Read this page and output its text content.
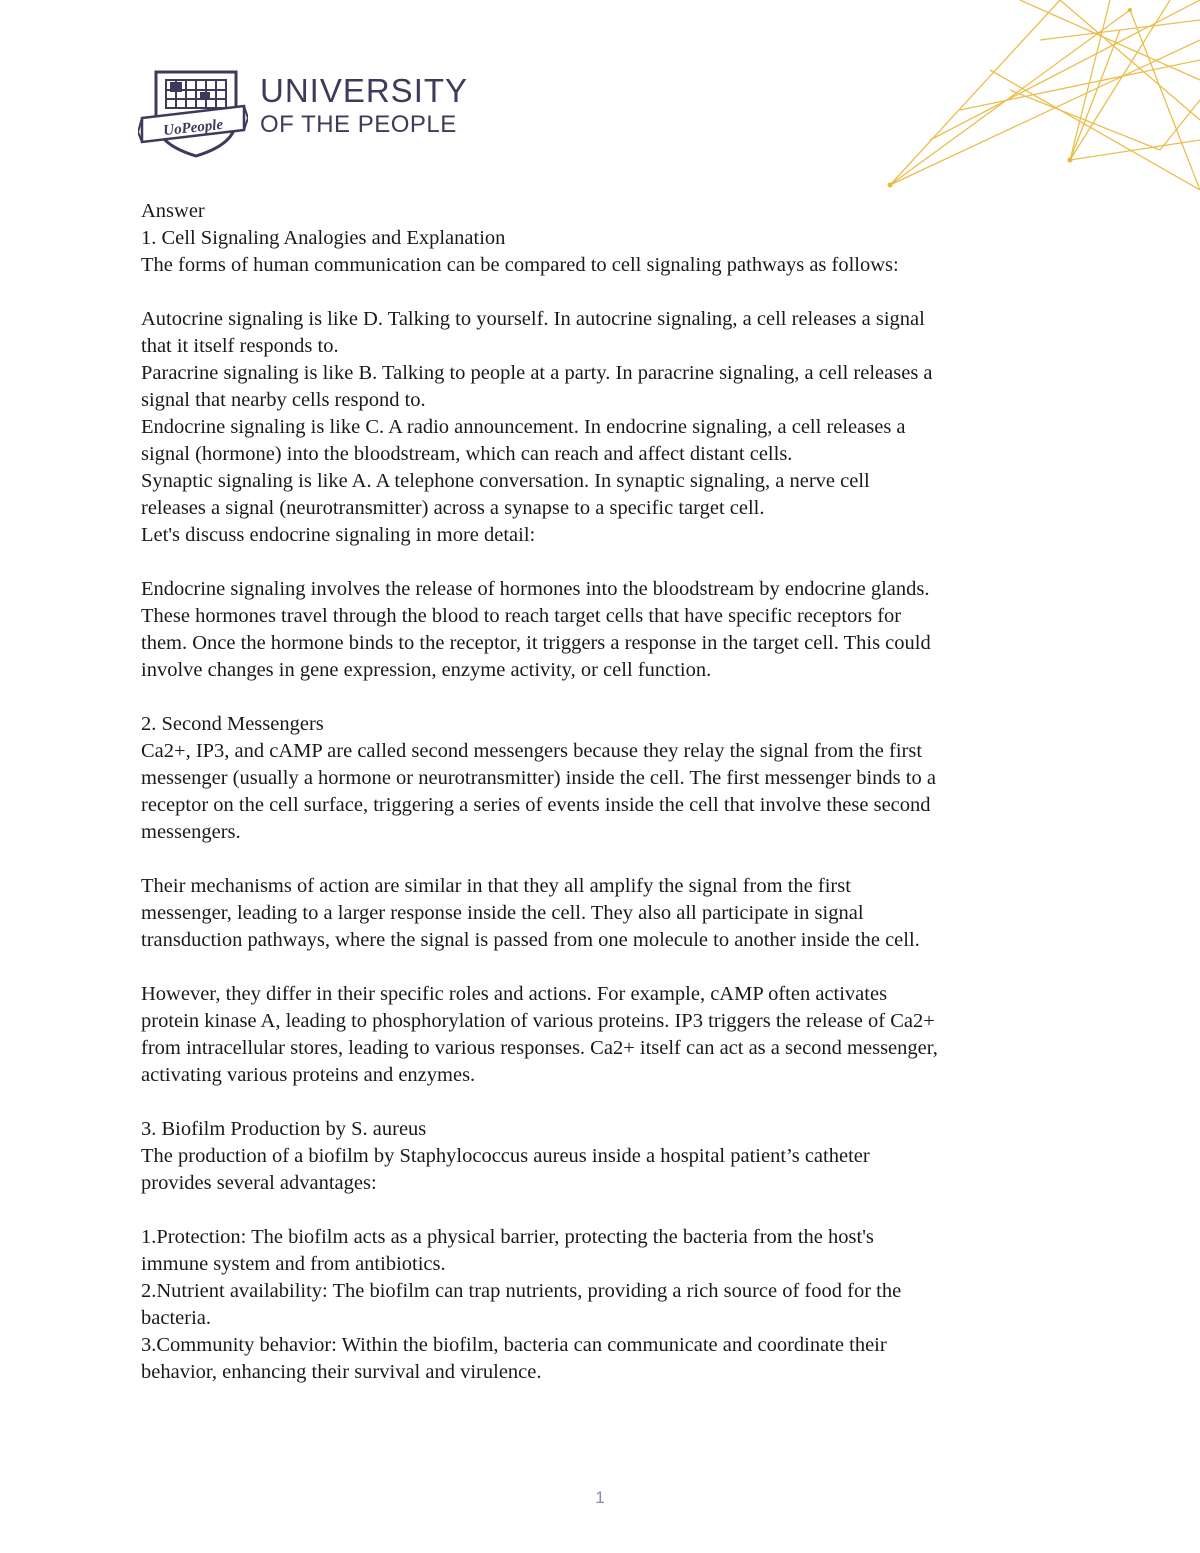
UoPeople
UNIVERSITY
OF THE PEOPLE

Answer

1. Cell Signaling Analogies and Explanation

The forms of human communication can be compared to cell signaling pathways as follows:

Autocrine signaling is like D. Talking to yourself. In autocrine signaling, a cell releases a signal

that it itself responds to.

Paracrine signaling is like B. Talking to people at a party. In paracrine signaling, a cell releases a

signal that nearby cells respond to.

Endocrine signaling is like C. A radio announcement. In endocrine signaling, a cell releases a

signal (hormone) into the bloodstream, which can reach and affect distant cells.

Synaptic signaling is like A. A telephone conversation. In synaptic signaling, a nerve cell

releases a signal (neurotransmitter) across a synapse to a specific target cell.

Let's discuss endocrine signaling in more detail:

Endocrine signaling involves the release of hormones into the bloodstream by endocrine glands.

These hormones travel through the blood to reach target cells that have specific receptors for

them. Once the hormone binds to the receptor, it triggers a response in the target cell. This could

involve changes in gene expression, enzyme activity, or cell function.

2. Second Messengers

Ca2+, IP3, and cAMP are called second messengers because they relay the signal from the first

messenger (usually a hormone or neurotransmitter) inside the cell. The first messenger binds to a

receptor on the cell surface, triggering a series of events inside the cell that involve these second

messengers.

Their mechanisms of action are similar in that they all amplify the signal from the first

messenger, leading to a larger response inside the cell. They also all participate in signal

transduction pathways, where the signal is passed from one molecule to another inside the cell.

However, they differ in their specific roles and actions. For example, cAMP often activates

protein kinase A, leading to phosphorylation of various proteins. IP3 triggers the release of Ca2+

from intracellular stores, leading to various responses. Ca2+ itself can act as a second messenger,

activating various proteins and enzymes.

3. Biofilm Production by S. aureus

The production of a biofilm by Staphylococcus aureus inside a hospital patient’s catheter

provides several advantages:

1.Protection: The biofilm acts as a physical barrier, protecting the bacteria from the host's

immune system and from antibiotics.

2.Nutrient availability: The biofilm can trap nutrients, providing a rich source of food for the

bacteria.

3.Community behavior: Within the biofilm, bacteria can communicate and coordinate their

behavior, enhancing their survival and virulence.

1
